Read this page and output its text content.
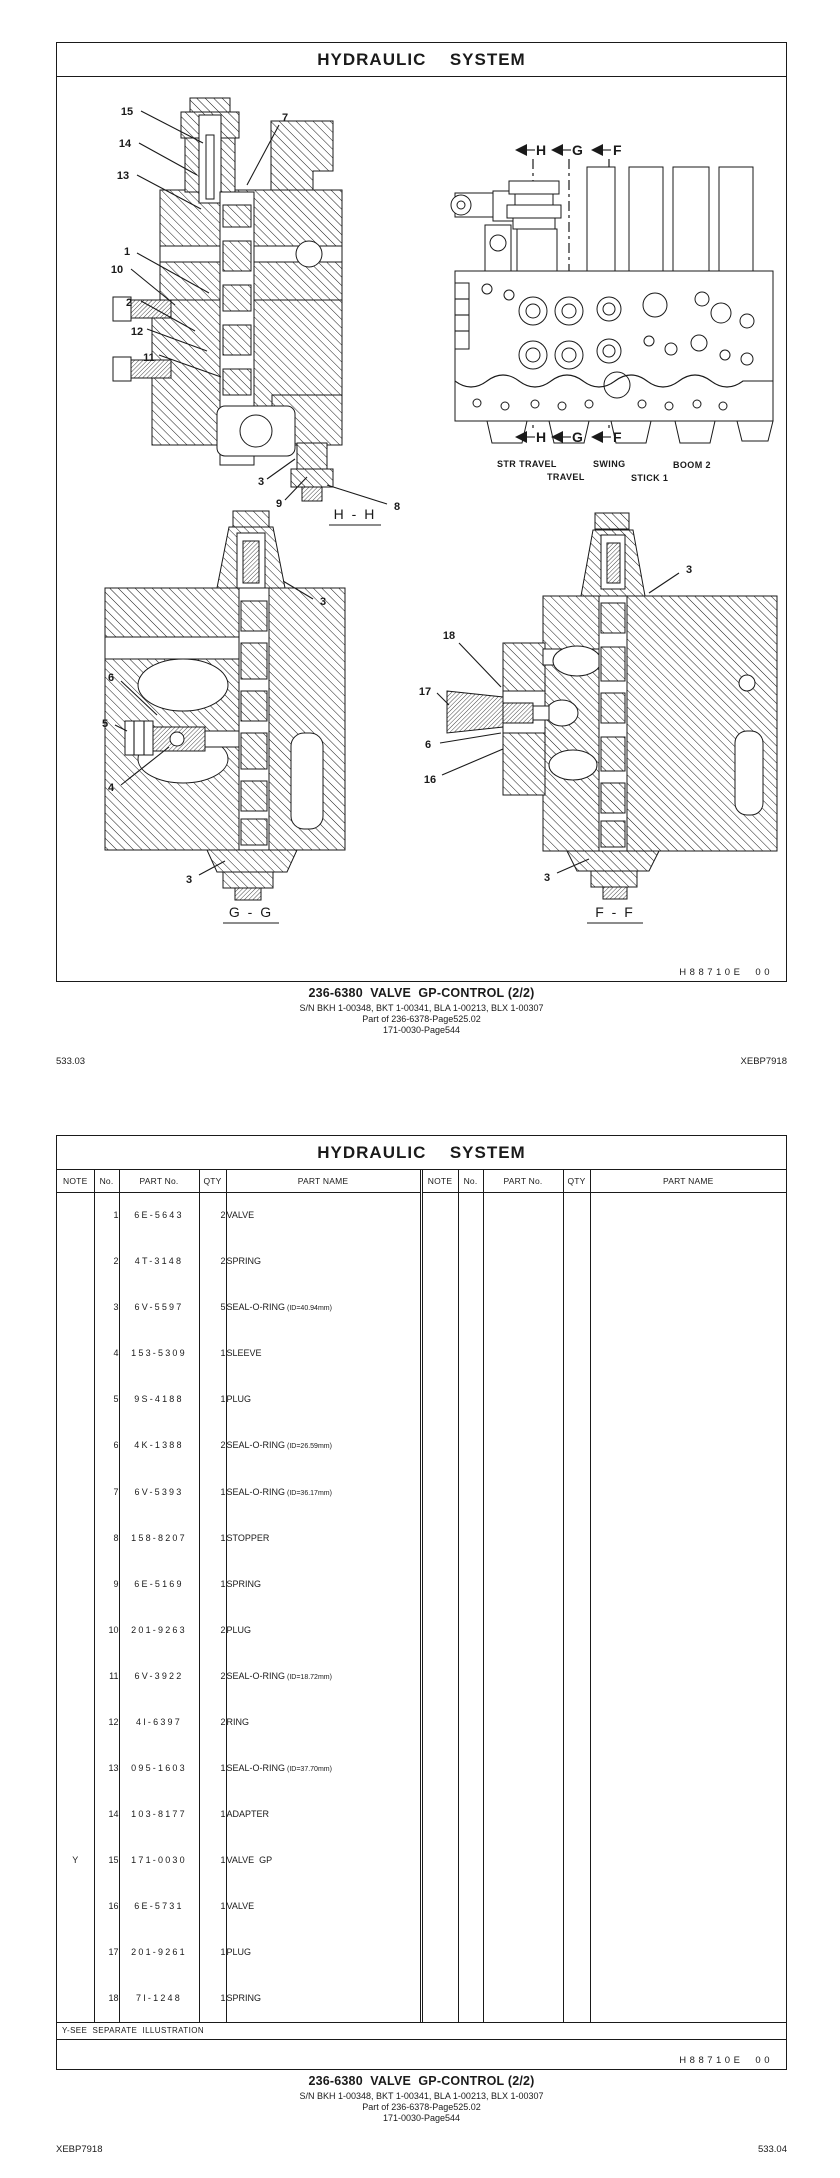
15
14
13
7
1
10
2
12
11
3
9	8
H - H
H G F
H G F
STR TRAVEL
TRAVEL
SWING
STICK 1
BOOM 2
3
6
5
4
3
G - G
3
18
17
6
16
3
F - F
HYDRAULIC  SYSTEM

H88710E 00

236-6380  VALVE  GP-CONTROL (2/2)
S/N BKH 1-00348, BKT 1-00341, BLA 1-00213, BLX 1-00307
Part of 236-6378-Page525.02
171-0030-Page544
533.03	XEBP7918
HYDRAULIC  SYSTEM
NOTE	No.	PART No.	QTY	PART NAME	NOTE	No.	PART No.	QTY	PART NAME
	1	6E-5643	2	VALVE					
	2	4T-3148	2	SPRING					
	3	6V-5597	5	SEAL-O-RING (ID=40.94mm)					
	4	153-5309	1	SLEEVE					
	5	9S-4188	1	PLUG					
	6	4K-1388	2	SEAL-O-RING (ID=26.59mm)					
	7	6V-5393	1	SEAL-O-RING (ID=36.17mm)					
	8	158-8207	1	STOPPER					
	9	6E-5169	1	SPRING					
	10	201-9263	2	PLUG					
	11	6V-3922	2	SEAL-O-RING (ID=18.72mm)					
	12	4I-6397	2	RING					
	13	095-1603	1	SEAL-O-RING (ID=37.70mm)					
	14	103-8177	1	ADAPTER					
Y	15	171-0030	1	VALVE  GP					
	16	6E-5731	1	VALVE					
	17	201-9261	1	PLUG					
	18	7I-1248	1	SPRING					

Y-SEE  SEPARATE  ILLUSTRATION

H88710E 00

236-6380  VALVE  GP-CONTROL (2/2)
S/N BKH 1-00348, BKT 1-00341, BLA 1-00213, BLX 1-00307
Part of 236-6378-Page525.02
171-0030-Page544
XEBP7918	533.04
